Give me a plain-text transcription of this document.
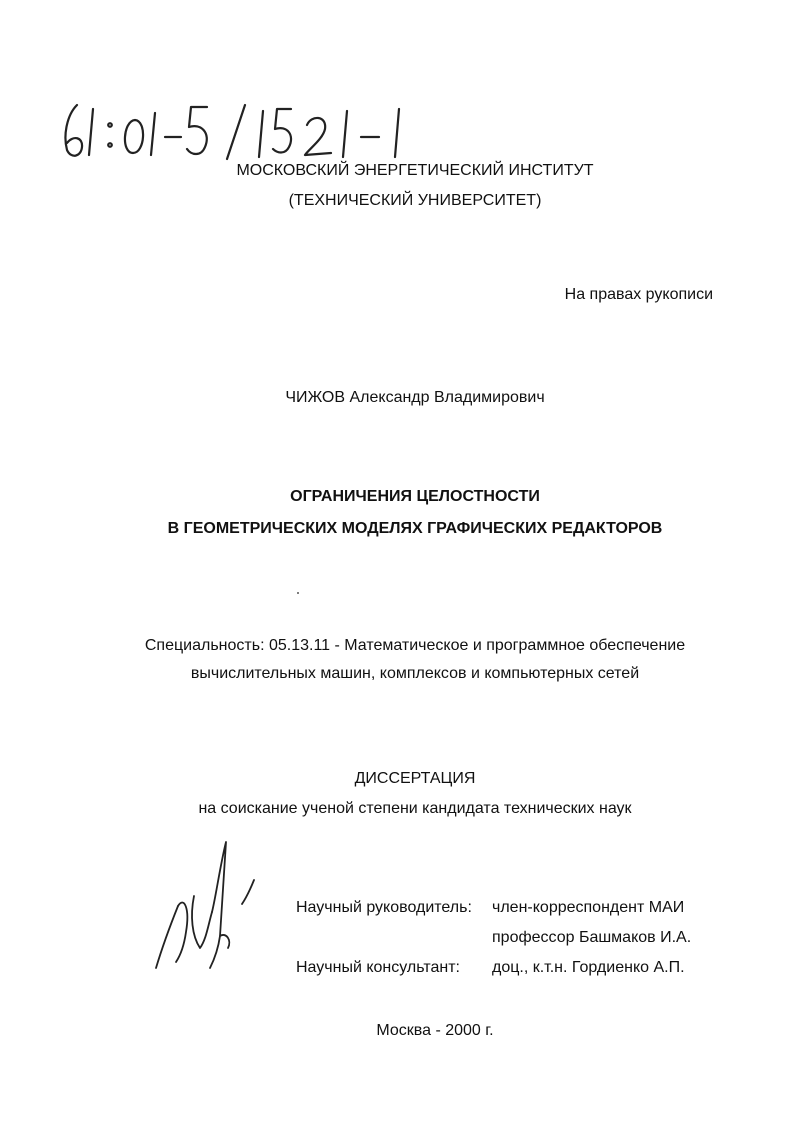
МОСКОВСКИЙ ЭНЕРГЕТИЧЕСКИЙ ИНСТИТУТ
(ТЕХНИЧЕСКИЙ УНИВЕРСИТЕТ)
На правах рукописи
ЧИЖОВ Александр Владимирович
ОГРАНИЧЕНИЯ ЦЕЛОСТНОСТИ
В ГЕОМЕТРИЧЕСКИХ МОДЕЛЯХ ГРАФИЧЕСКИХ РЕДАКТОРОВ
Специальность: 05.13.11 - Математическое и программное обеспечение
вычислительных машин, комплексов и компьютерных сетей
ДИССЕРТАЦИЯ
на соискание ученой степени кандидата технических наук
Научный руководитель:	член-корреспондент МАИ
профессор Башмаков И.А.
Научный консультант:	доц., к.т.н. Гордиенко А.П.
Москва - 2000 г.
